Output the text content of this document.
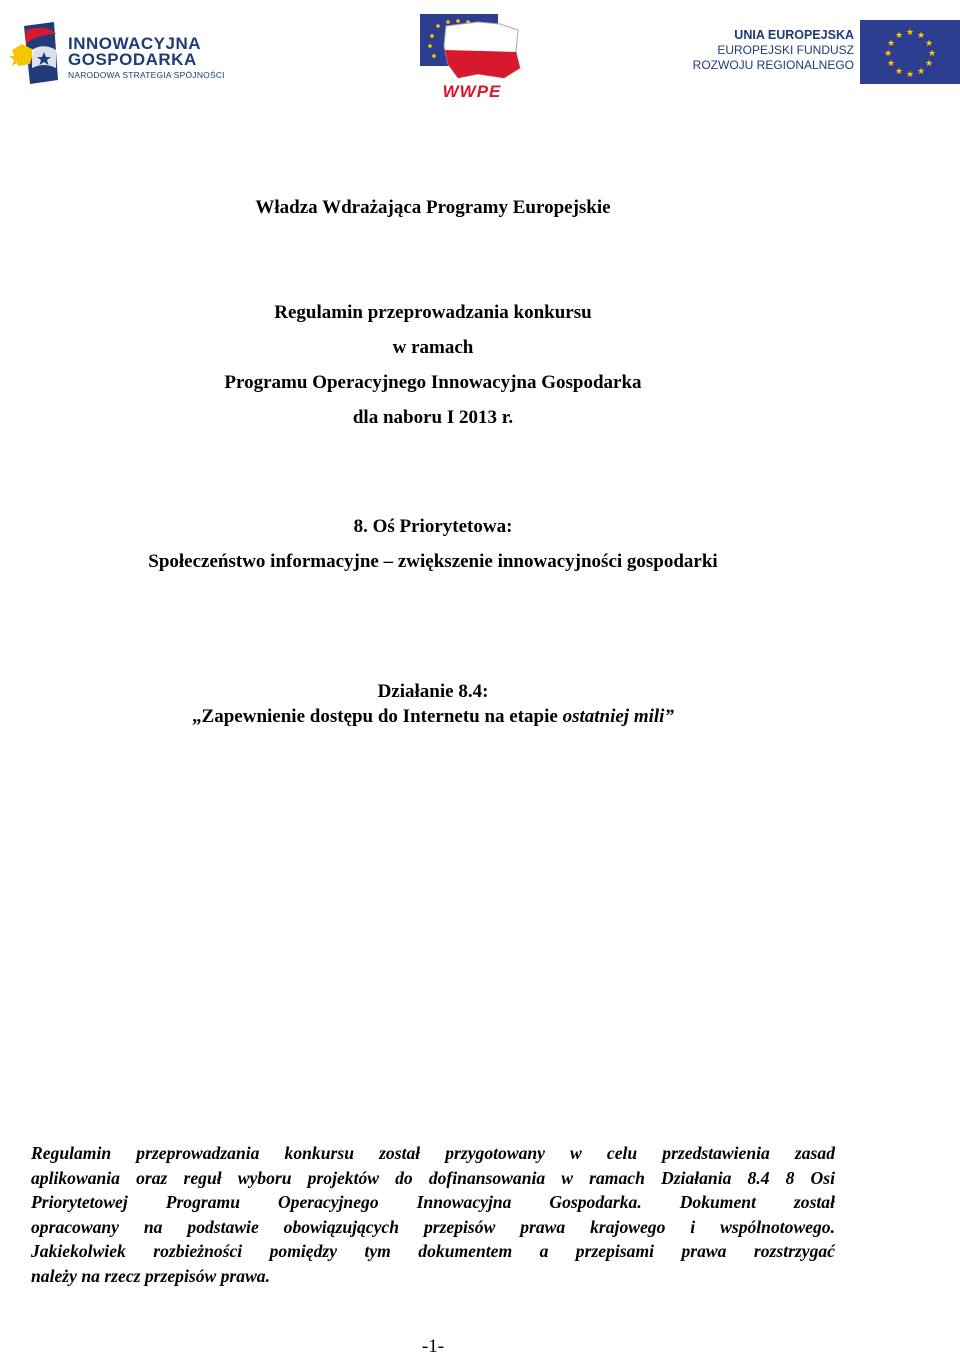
INNOWACYJNA
GOSPODARKA
NARODOWA STRATEGIA SPÓJNOŚCI
WWPE
UNIA EUROPEJSKA
EUROPEJSKI FUNDUSZ
ROZWOJU REGIONALNEGO
★ ★
★
★
★
★
★
★
★
★
★
★
Władza Wdrażająca Programy Europejskie
Regulamin przeprowadzania konkursu
w ramach
Programu Operacyjnego Innowacyjna Gospodarka
dla naboru I 2013 r.
8. Oś Priorytetowa:
Społeczeństwo informacyjne – zwiększenie innowacyjności gospodarki
Działanie 8.4:
„Zapewnienie dostępu do Internetu na etapie ostatniej mili”
Regulamin przeprowadzania konkursu został przygotowany w celu przedstawienia zasad
aplikowania oraz reguł wyboru projektów do dofinansowania w ramach Działania 8.4 8 Osi
Priorytetowej Programu Operacyjnego Innowacyjna Gospodarka. Dokument został
opracowany na podstawie obowiązujących przepisów prawa krajowego i wspólnotowego.
Jakiekolwiek rozbieżności pomiędzy tym dokumentem a przepisami prawa rozstrzygać
należy na rzecz przepisów prawa.
-1-
